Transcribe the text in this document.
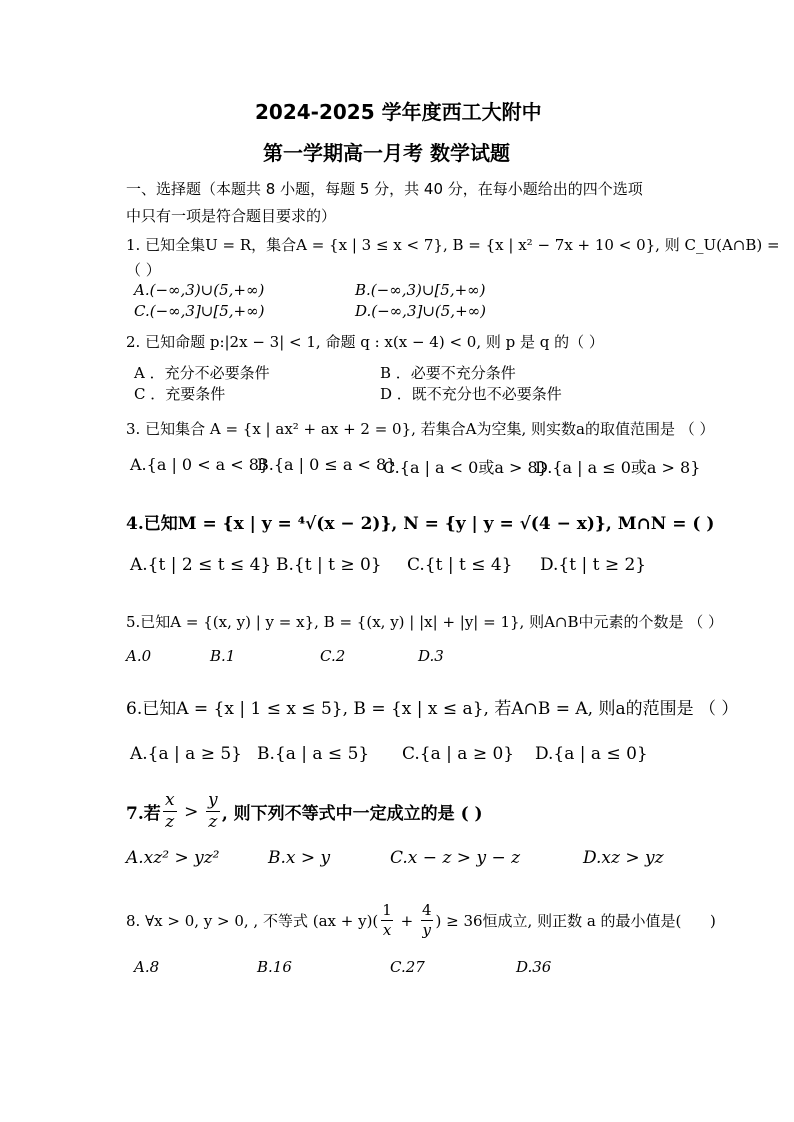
2024-2025 学年度西工大附中
第一学期高一月考 数学试题
一、选择题（本题共 8 小题，每题 5 分，共 40 分，在每小题给出的四个选项
中只有一项是符合题目要求的）
1. 已知全集U = R，集合A = {x | 3 ≤ x < 7}, B = {x | x² − 7x + 10 < 0}, 则 C_U(A∩B) =
（ ）
A.(−∞,3)∪(5,+∞)	B.(−∞,3)∪[5,+∞)
C.(−∞,3]∪[5,+∞)	D.(−∞,3]∪(5,+∞)
2. 已知命题 p:|2x − 3| < 1, 命题 q : x(x − 4) < 0, 则 p 是 q 的（ ）
A ．充分不必要条件	B ．必要不充分条件
C ．充要条件	D ．既不充分也不必要条件
3. 已知集合 A = {x | ax² + ax + 2 = 0}, 若集合A为空集, 则实数a的取值范围是 （ ）
A.{a | 0 < a < 8}
B.{a | 0 ≤ a < 8}
C.{a | a < 0或a > 8}
D.{a | a ≤ 0或a > 8}
4.已知M = {x | y = ⁴√(x − 2)}, N = {y | y = √(4 − x)}, M∩N = ( )
A.{t | 2 ≤ t ≤ 4} B.{t | t ≥ 0} C.{t | t ≤ 4} D.{t | t ≥ 2}
5.已知A = {(x, y) | y = x}, B = {(x, y) | |x| + |y| = 1}, 则A∩B中元素的个数是 （ ）
A.0	B.1	C.2	D.3
6.已知A = {x | 1 ≤ x ≤ 5}, B = {x | x ≤ a}, 若A∩B = A, 则a的范围是 （ ）
A.{a | a ≥ 5} B.{a | a ≤ 5} C.{a | a ≥ 0} D.{a | a ≤ 0}
7.若
x
z
>
y
z , 则下列不等式中一定成立的是 ( )
A.xz² > yz²	B.x > y	C.x − z > y − z	D.xz > yz
8. ∀x > 0, y > 0, , 不等式 (ax + y)(
1
x
+
4
y ) ≥ 36恒成立, 则正数 a 的最小值是(      )
A.8	B.16	C.27	D.36
